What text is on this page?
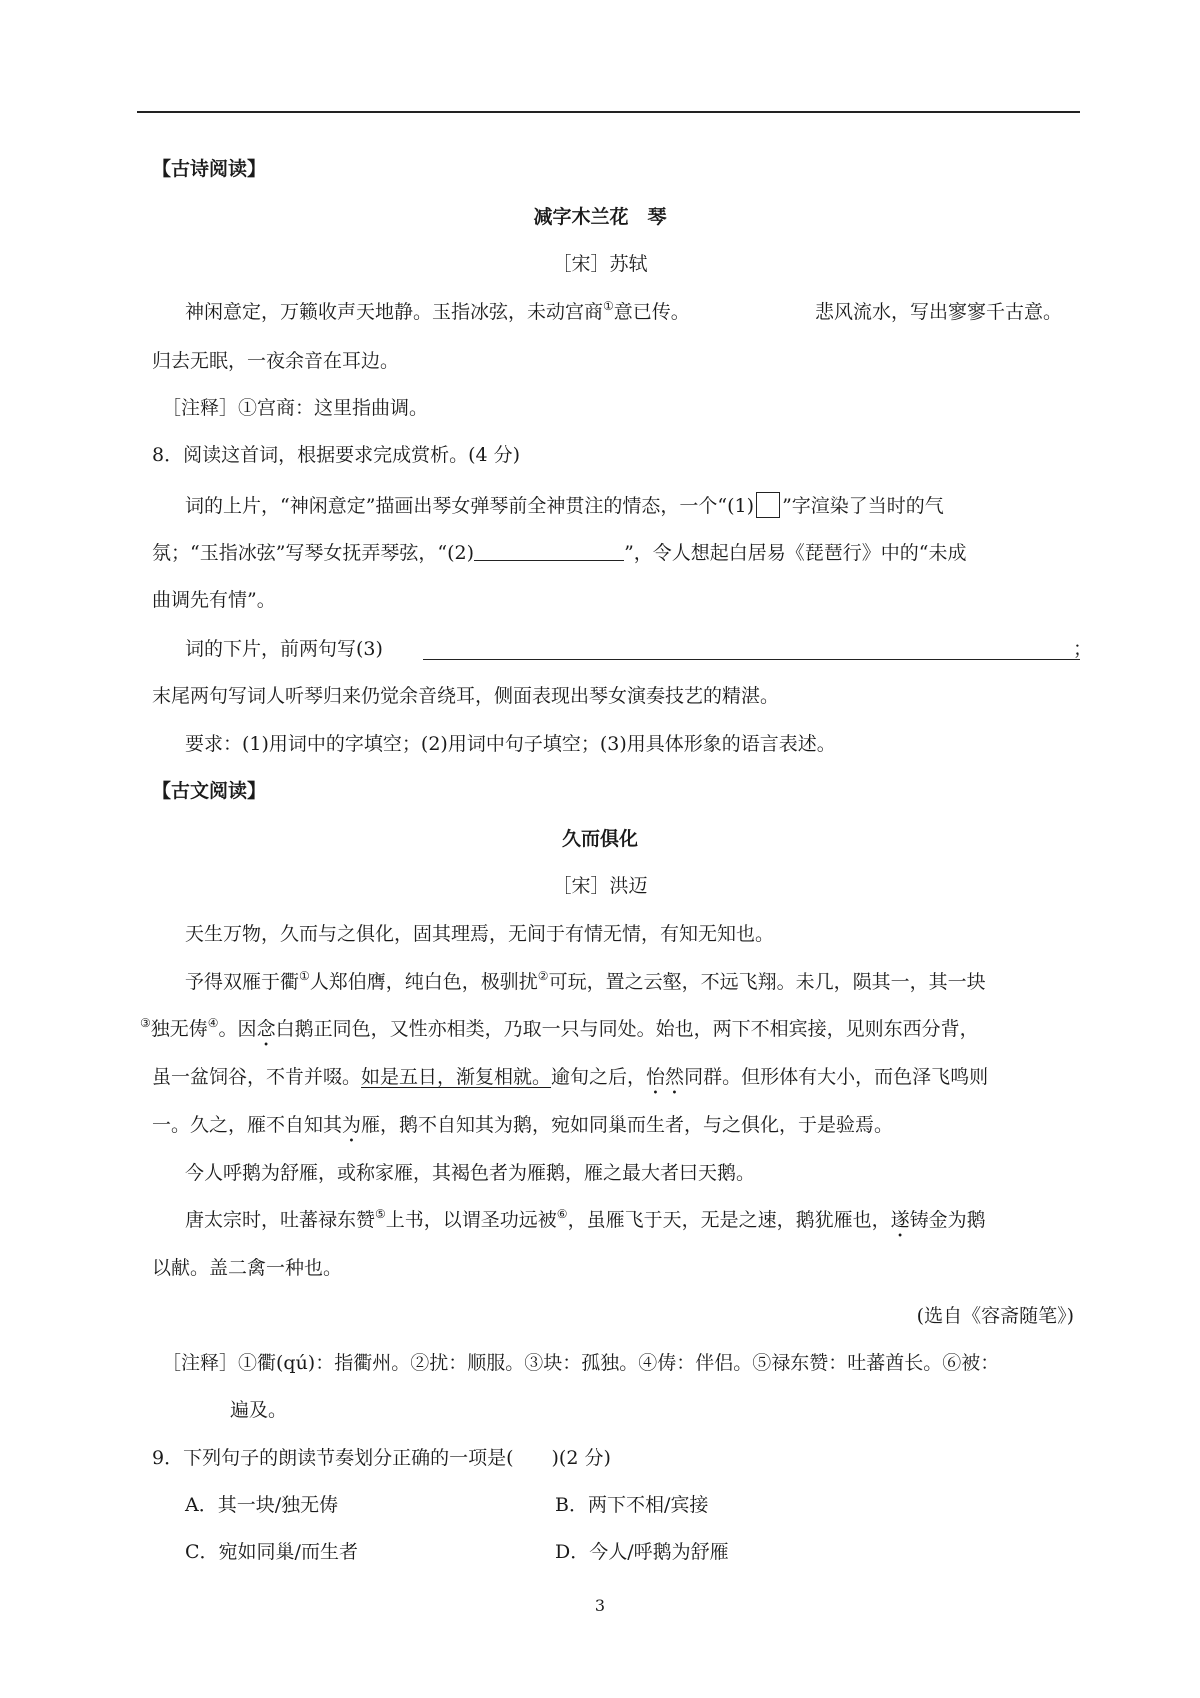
【古诗阅读】
减字木兰花　琴
［宋］苏轼
神闲意定，万籁收声天地静。玉指冰弦，未动宫商①意已传。	悲风流水，写出寥寥千古意。
归去无眠，一夜余音在耳边。
［注释］①宫商：这里指曲调。
8．阅读这首词，根据要求完成赏析。(4 分)
词的上片，“神闲意定”描画出琴女弹琴前全神贯注的情态，一个“(1) ”字渲染了当时的气
氛；“玉指冰弦”写琴女抚弄琴弦，“(2)	”，令人想起白居易《琵琶行》中的“未成
曲调先有情”。
词的下片，前两句写(3)	；
末尾两句写词人听琴归来仍觉余音绕耳，侧面表现出琴女演奏技艺的精湛。
要求：(1)用词中的字填空；(2)用词中句子填空；(3)用具体形象的语言表述。
【古文阅读】
久而俱化
［宋］洪迈
天生万物，久而与之俱化，固其理焉，无间于有情无情，有知无知也。
予得双雁于衢①人郑伯膺，纯白色，极驯扰②可玩，置之云壑，不远飞翔。未几，陨其一，其一块
③独无俦④。因念白鹅正同色，又性亦相类，乃取一只与同处。始也，两下不相宾接，见则东西分背，
虽一盆饲谷，不肯并啜。如是五日，渐复相就。逾旬之后，怡然同群。但形体有大小，而色泽飞鸣则
一。久之，雁不自知其为雁，鹅不自知其为鹅，宛如同巢而生者，与之俱化，于是验焉。
今人呼鹅为舒雁，或称家雁，其褐色者为雁鹅，雁之最大者曰天鹅。
唐太宗时，吐蕃禄东赞⑤上书，以谓圣功远被⑥，虽雁飞于天，无是之速，鹅犹雁也，遂铸金为鹅
以献。盖二禽一种也。
(选自《容斋随笔》)
［注释］①衢(qú)：指衢州。②扰：顺服。③块：孤独。④俦：伴侣。⑤禄东赞：吐蕃酋长。⑥被：
遍及。
9．下列句子的朗读节奏划分正确的一项是(　　)(2 分)
A．其一块/独无俦	B．两下不相/宾接
C．宛如同巢/而生者	D．今人/呼鹅为舒雁
3
